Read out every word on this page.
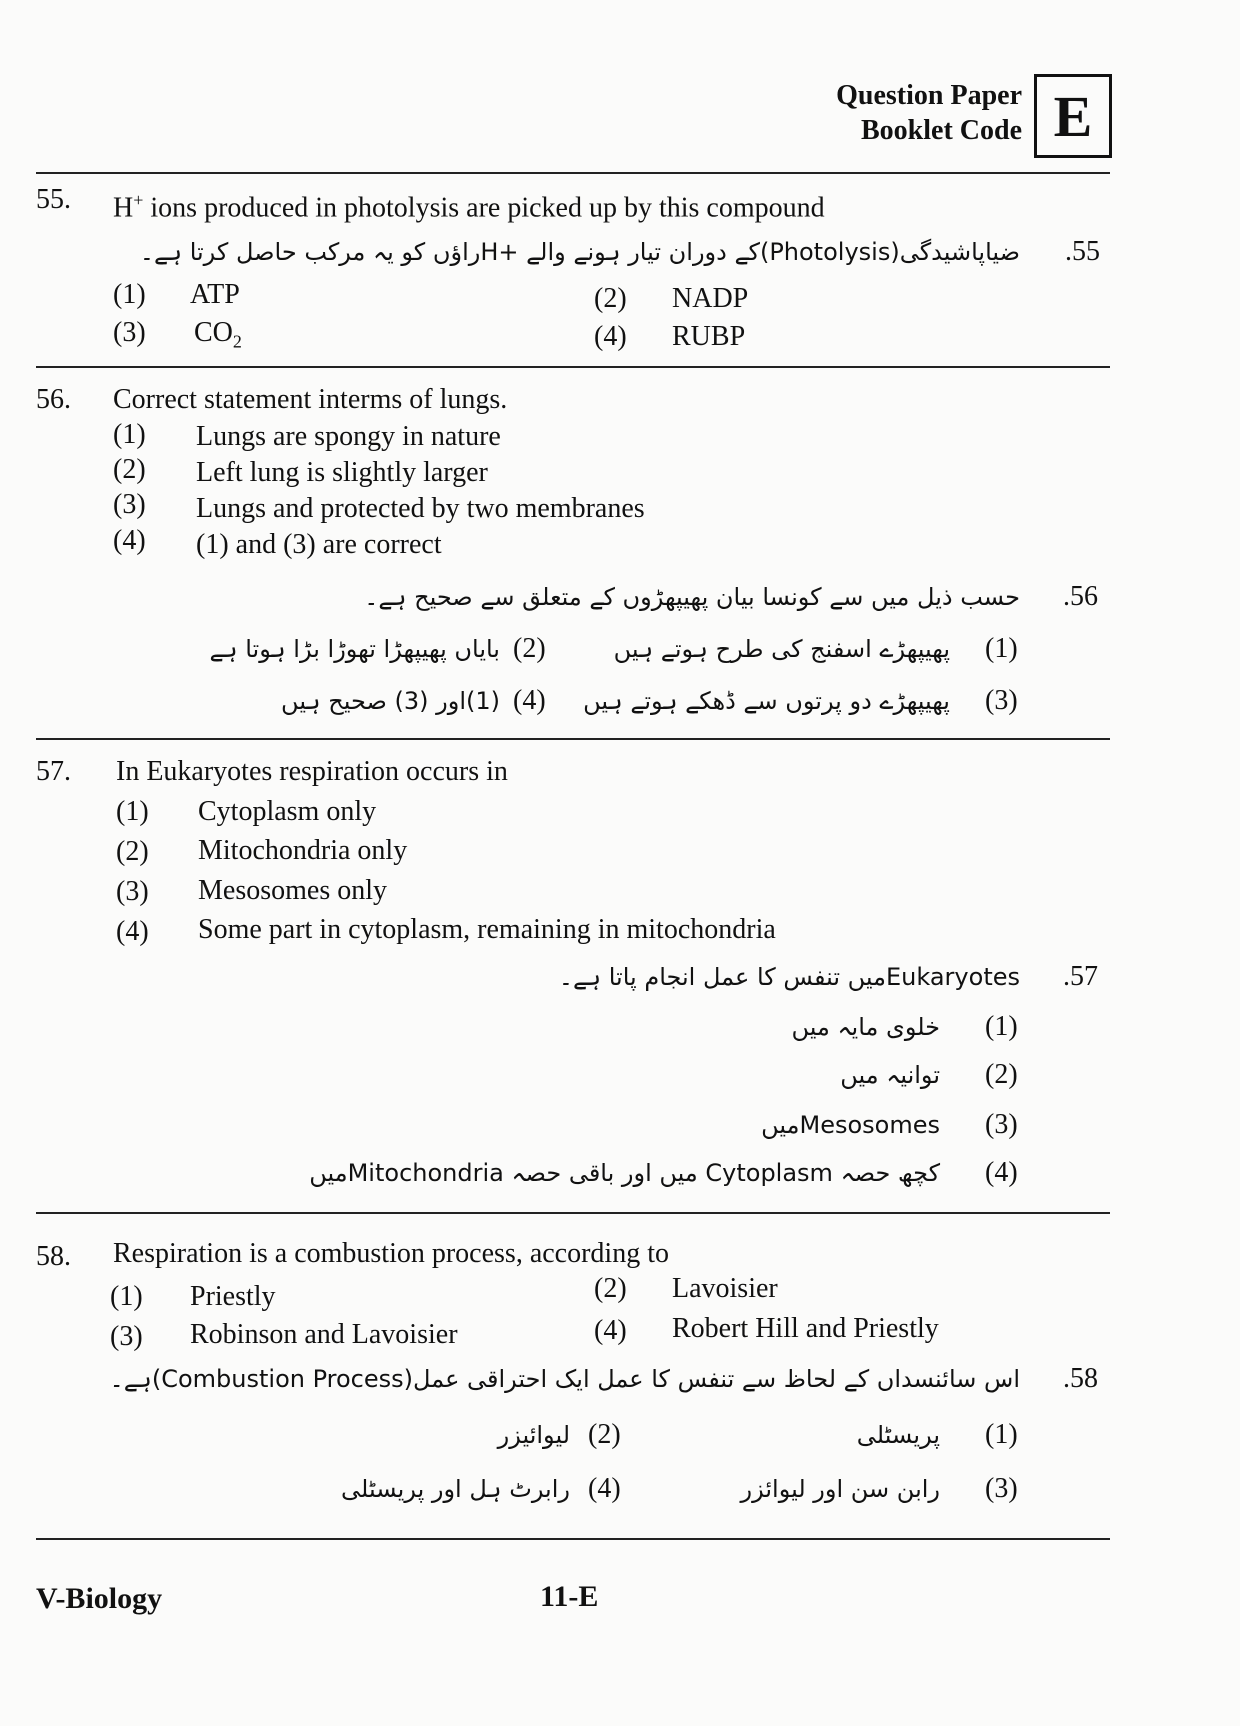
Question Paper
Booklet Code E
55. H+ ions produced in photolysis are picked up by this compound
ضیاپاشیدگی(Photolysis)کے دوران تیار ہونے والے +Hراؤں کو یہ مرکب حاصل کرتا ہے۔ .55
(1) ATP	(2) NADP
(3) $CO_2$	(4) RUBP
56. Correct statement interms of lungs.
(1) Lungs are spongy in nature
(2) Left lung is slightly larger
(3) Lungs and protected by two membranes
(4) (1) and (3) are correct
حسب ذیل میں سے کونسا بیان پھیپھڑوں کے متعلق سے صحیح ہے۔ .56
پھیپھڑے اسفنج کی طرح ہوتے ہیں (1)
بایاں پھیپھڑا تھوڑا بڑا ہوتا ہے (2)
پھیپھڑے دو پرتوں سے ڈھکے ہوتے ہیں (3)
(1)اور (3) صحیح ہیں (4)
57. In Eukaryotes respiration occurs in
(1) Cytoplasm only
(2) Mitochondria only
(3) Mesosomes only
(4) Some part in cytoplasm, remaining in mitochondria
Eukaryotesمیں تنفس کا عمل انجام پاتا ہے۔ .57
(1)
خلوی مایہ میں
(2)
توانیہ میں
(3)
Mesosomesمیں
(4)
کچھ حصہ Cytoplasm میں اور باقی حصہ Mitochondriaمیں
58. Respiration is a combustion process, according to
(1) Priestly	(2) Lavoisier
(3) Robinson and Lavoisier	(4) Robert Hill and Priestly
اس سائنسداں کے لحاظ سے تنفس کا عمل ایک احتراقی عمل(Combustion Process)ہے۔ .58
(1)
پریسٹلی
(2)
لیوائیزر
(3)
رابن سن اور لیوائزر
(4)
رابرٹ ہل اور پریسٹلی
V-Biology	11-E
